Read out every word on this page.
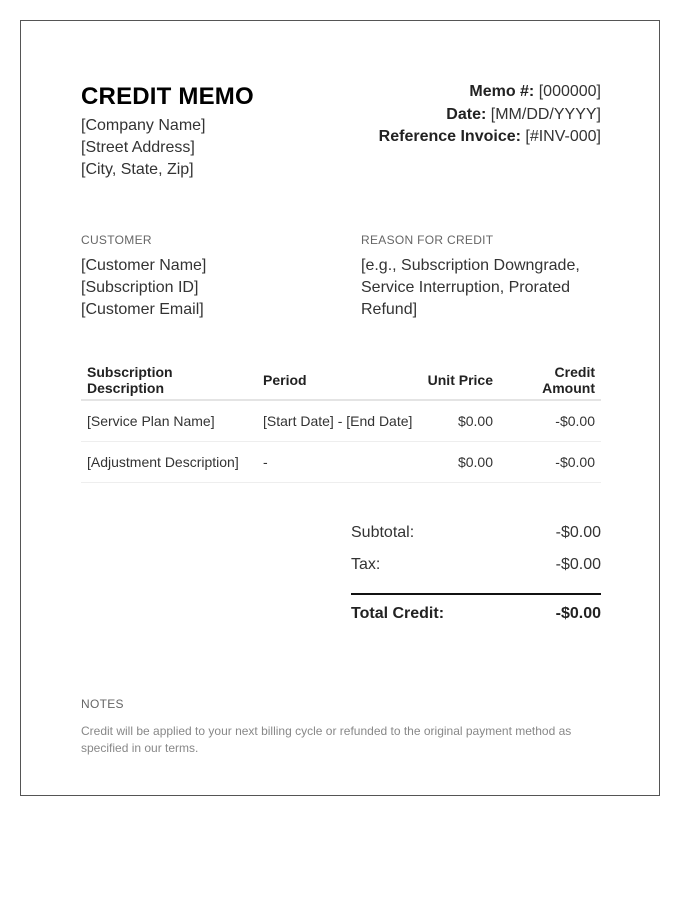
CREDIT MEMO
[Company Name]
[Street Address]
[City, State, Zip]
Memo #: [000000]
Date: [MM/DD/YYYY]
Reference Invoice: [#INV-000]
CUSTOMER
[Customer Name]
[Subscription ID]
[Customer Email]
REASON FOR CREDIT
[e.g., Subscription Downgrade,
Service Interruption, Prorated
Refund]
Subscription Description	Period	Unit Price	Credit Amount
[Service Plan Name]	[Start Date] - [End Date]	$0.00	-$0.00
[Adjustment Description]	-	$0.00	-$0.00
Subtotal:	-$0.00
Tax:	-$0.00
Total Credit:	-$0.00
NOTES
Credit will be applied to your next billing cycle or refunded to the original payment method as specified in our terms.
